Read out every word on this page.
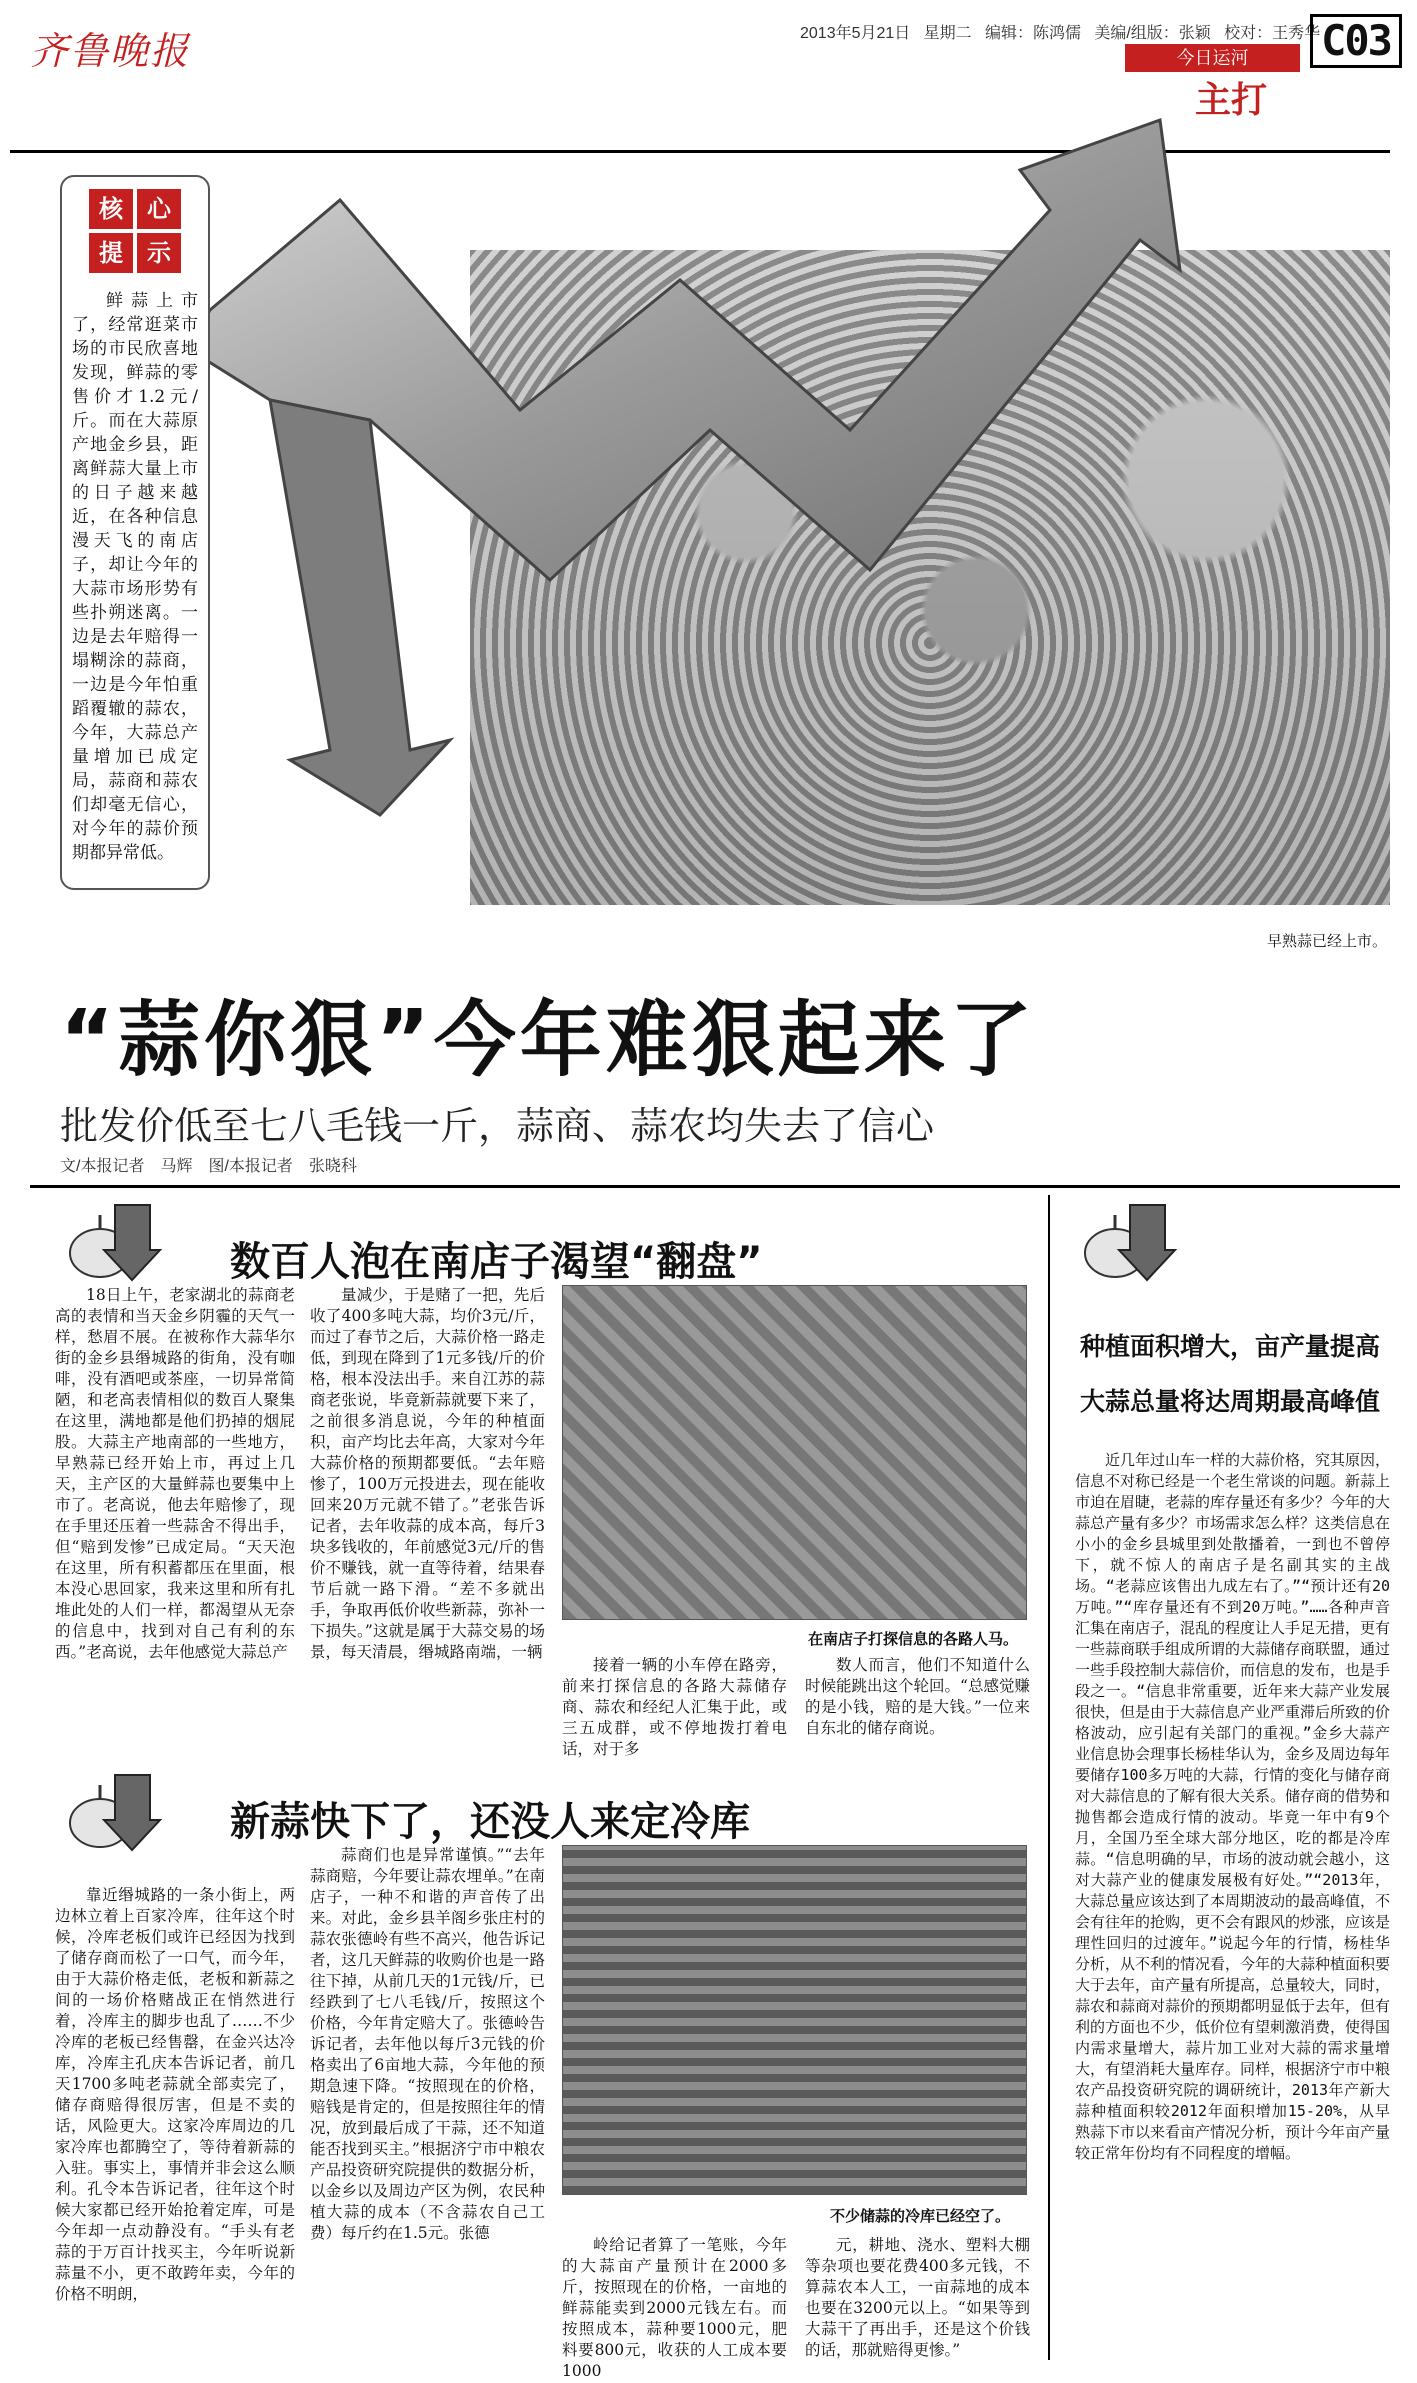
齐鲁晚报	2013年5月21日 星期二 编辑：陈鸿儒 美编/组版：张颖 校对：王秀华
今日运河
主打
C03
核	心
提	示
鲜蒜上市了，经常逛菜市场的市民欣喜地发现，鲜蒜的零售价才1.2元/斤。而在大蒜原产地金乡县，距离鲜蒜大量上市的日子越来越近，在各种信息漫天飞的南店子，却让今年的大蒜市场形势有些扑朔迷离。一边是去年赔得一塌糊涂的蒜商，一边是今年怕重蹈覆辙的蒜农，今年，大蒜总产量增加已成定局，蒜商和蒜农们却毫无信心，对今年的蒜价预期都异常低。
早熟蒜已经上市。
“蒜你狠”今年难狠起来了
批发价低至七八毛钱一斤，蒜商、蒜农均失去了信心
文/本报记者　马辉　图/本报记者　张晓科
数百人泡在南店子渴望“翻盘”
18日上午，老家湖北的蒜商老高的表情和当天金乡阴霾的天气一样，愁眉不展。在被称作大蒜华尔街的金乡县缗城路的街角，没有咖啡，没有酒吧或茶座，一切异常简陋，和老高表情相似的数百人聚集在这里，满地都是他们扔掉的烟屁股。大蒜主产地南部的一些地方，早熟蒜已经开始上市，再过上几天，主产区的大量鲜蒜也要集中上市了。老高说，他去年赔惨了，现在手里还压着一些蒜舍不得出手，但“赔到发惨”已成定局。“天天泡在这里，所有积蓄都压在里面，根本没心思回家，我来这里和所有扎堆此处的人们一样，都渴望从无奈的信息中，找到对自己有利的东西。”老高说，去年他感觉大蒜总产
量减少，于是赌了一把，先后收了400多吨大蒜，均价3元/斤，而过了春节之后，大蒜价格一路走低，到现在降到了1元多钱/斤的价格，根本没法出手。来自江苏的蒜商老张说，毕竟新蒜就要下来了，之前很多消息说，今年的种植面积，亩产均比去年高，大家对今年大蒜价格的预期都要低。“去年赔惨了，100万元投进去，现在能收回来20万元就不错了。”老张告诉记者，去年收蒜的成本高，每斤3块多钱收的，年前感觉3元/斤的售价不赚钱，就一直等待着，结果春节后就一路下滑。“差不多就出手，争取再低价收些新蒜，弥补一下损失。”这就是属于大蒜交易的场景，每天清晨，缗城路南端，一辆
在南店子打探信息的各路人马。
接着一辆的小车停在路旁，前来打探信息的各路大蒜储存商、蒜农和经纪人汇集于此，或三五成群，或不停地拨打着电话，对于多
数人而言，他们不知道什么时候能跳出这个轮回。“总感觉赚的是小钱，赔的是大钱。”一位来自东北的储存商说。
新蒜快下了，还没人来定冷库
靠近缗城路的一条小街上，两边林立着上百家冷库，往年这个时候，冷库老板们或许已经因为找到了储存商而松了一口气，而今年，由于大蒜价格走低，老板和新蒜之间的一场价格赌战正在悄然进行着，冷库主的脚步也乱了……不少冷库的老板已经售罄，在金兴达冷库，冷库主孔庆本告诉记者，前几天1700多吨老蒜就全部卖完了，储存商赔得很厉害，但是不卖的话，风险更大。这家冷库周边的几家冷库也都腾空了，等待着新蒜的入驻。事实上，事情并非会这么顺利。孔令本告诉记者，往年这个时候大家都已经开始抢着定库，可是今年却一点动静没有。“手头有老蒜的于万百计找买主，今年听说新蒜量不小，更不敢跨年卖，今年的价格不明朗，
蒜商们也是异常谨慎。”“去年蒜商赔，今年要让蒜农埋单。”在南店子，一种不和谐的声音传了出来。对此，金乡县羊阁乡张庄村的蒜农张德岭有些不高兴，他告诉记者，这几天鲜蒜的收购价也是一路往下掉，从前几天的1元钱/斤，已经跌到了七八毛钱/斤，按照这个价格，今年肯定赔大了。张德岭告诉记者，去年他以每斤3元钱的价格卖出了6亩地大蒜，今年他的预期急速下降。“按照现在的价格，赔钱是肯定的，但是按照往年的情况，放到最后成了干蒜，还不知道能否找到买主。”根据济宁市中粮农产品投资研究院提供的数据分析，以金乡以及周边产区为例，农民种植大蒜的成本（不含蒜农自己工费）每斤约在1.5元。张德
不少储蒜的冷库已经空了。
岭给记者算了一笔账，今年的大蒜亩产量预计在2000多斤，按照现在的价格，一亩地的鲜蒜能卖到2000元钱左右。而按照成本，蒜种要1000元，肥料要800元，收获的人工成本要1000
元，耕地、浇水、塑料大棚等杂项也要花费400多元钱，不算蒜农本人工，一亩蒜地的成本也要在3200元以上。“如果等到大蒜干了再出手，还是这个价钱的话，那就赔得更惨。”
种植面积增大，亩产量提高
大蒜总量将达周期最高峰值
近几年过山车一样的大蒜价格，究其原因，信息不对称已经是一个老生常谈的问题。新蒜上市迫在眉睫，老蒜的库存量还有多少？今年的大蒜总产量有多少？市场需求怎么样？这类信息在小小的金乡县城里到处散播着，一到也不曾停下，就不惊人的南店子是名副其实的主战场。“老蒜应该售出九成左右了。”“预计还有20万吨。”“库存量还有不到20万吨。”……各种声音汇集在南店子，混乱的程度让人手足无措，更有一些蒜商联手组成所谓的大蒜储存商联盟，通过一些手段控制大蒜信价，而信息的发布，也是手段之一。“信息非常重要，近年来大蒜产业发展很快，但是由于大蒜信息产业严重滞后所致的价格波动，应引起有关部门的重视。”金乡大蒜产业信息协会理事长杨桂华认为，金乡及周边每年要储存100多万吨的大蒜，行情的变化与储存商对大蒜信息的了解有很大关系。储存商的借势和抛售都会造成行情的波动。毕竟一年中有9个月，全国乃至全球大部分地区，吃的都是冷库蒜。“信息明确的早，市场的波动就会越小，这对大蒜产业的健康发展极有好处。”“2013年，大蒜总量应该达到了本周期波动的最高峰值，不会有往年的抢购，更不会有跟风的炒涨，应该是理性回归的过渡年。”说起今年的行情，杨桂华分析，从不利的情况看，今年的大蒜种植面积要大于去年，亩产量有所提高，总量较大，同时，蒜农和蒜商对蒜价的预期都明显低于去年，但有利的方面也不少，低价位有望刺激消费，使得国内需求量增大，蒜片加工业对大蒜的需求量增大，有望消耗大量库存。同样，根据济宁市中粮农产品投资研究院的调研统计，2013年产新大蒜种植面积较2012年面积增加15-20%，从早熟蒜下市以来看亩产情况分析，预计今年亩产量较正常年份均有不同程度的增幅。
